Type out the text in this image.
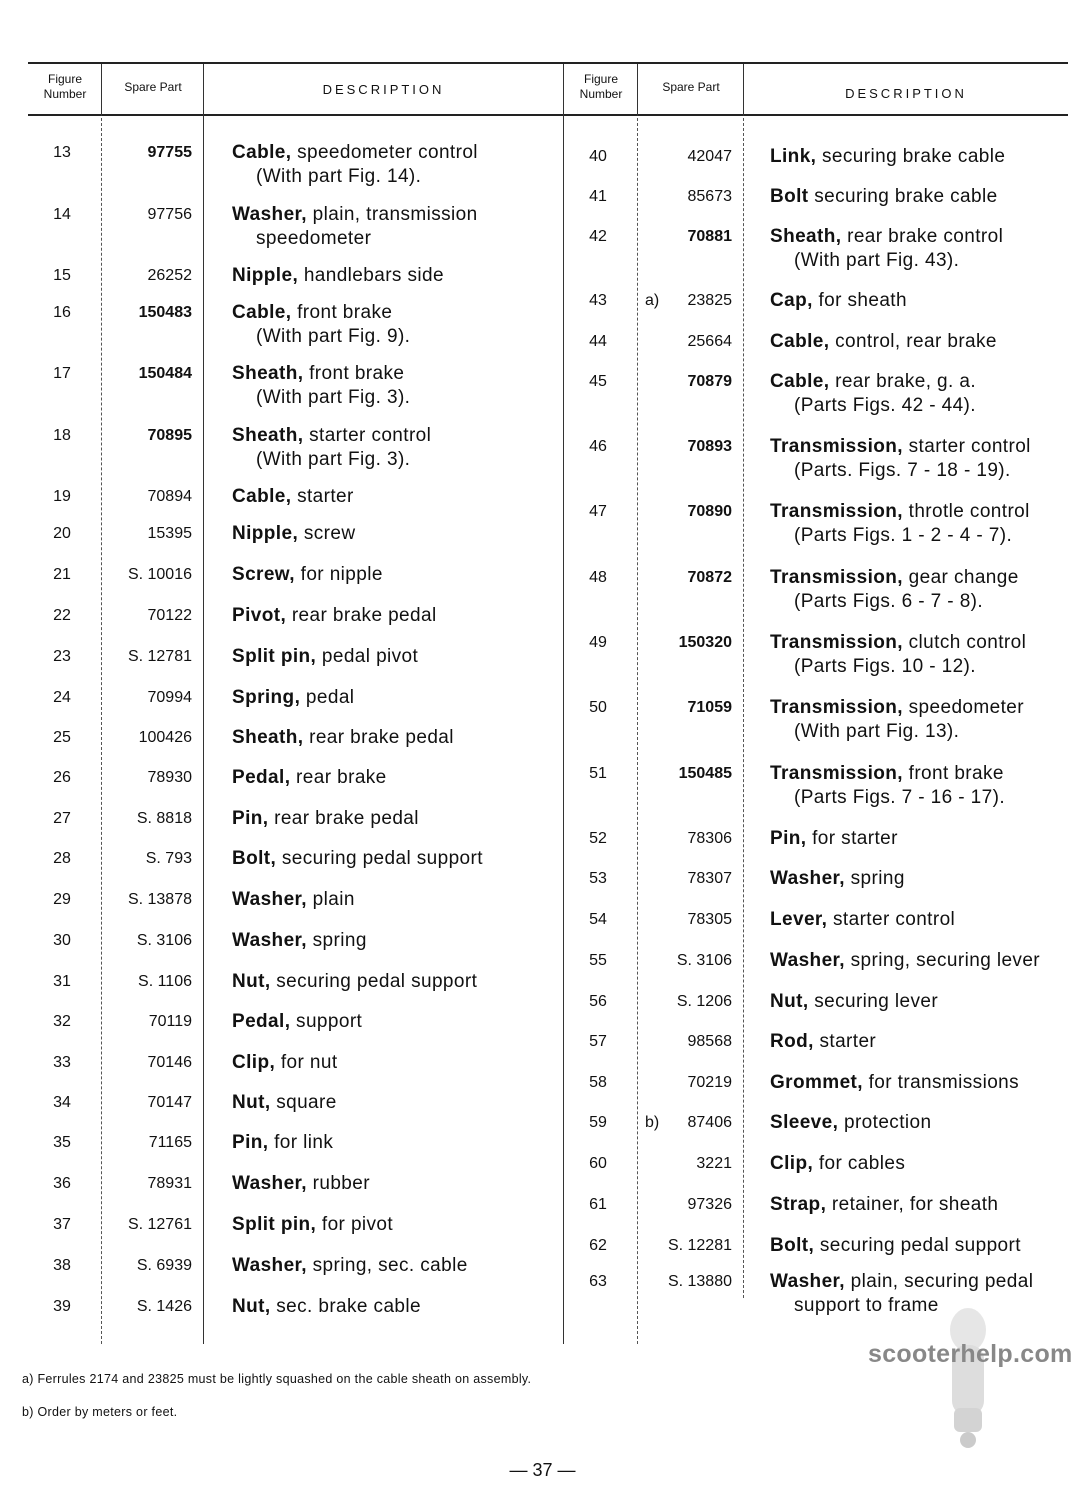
Figure
Number	Spare Part	DESCRIPTION
Figure
Number	Spare Part	DESCRIPTION
13	97755 Cable, speedometer control
(With part Fig. 14).
14	97756 Washer, plain, transmission
speedometer
15	26252 Nipple, handlebars side
16	150483 Cable, front brake
(With part Fig. 9).
17	150484 Sheath, front brake
(With part Fig. 3).
18	70895 Sheath, starter control
(With part Fig. 3).
19	70894 Cable, starter
20	15395 Nipple, screw
21	S. 10016 Screw, for nipple
22	70122 Pivot, rear brake pedal
23	S. 12781 Split pin, pedal pivot
24	70994 Spring, pedal
25	100426 Sheath, rear brake pedal
26	78930 Pedal, rear brake
27	S. 8818 Pin, rear brake pedal
28	S. 793 Bolt, securing pedal support
29	S. 13878 Washer, plain
30	S. 3106 Washer, spring
31	S. 1106 Nut, securing pedal support
32	70119 Pedal, support
33	70146 Clip, for nut
34	70147 Nut, square
35	71165 Pin, for link
36	78931 Washer, rubber
37	S. 12761 Split pin, for pivot
38	S. 6939 Washer, spring, sec. cable
39	S. 1426 Nut, sec. brake cable
40	42047 Link, securing brake cable
41	85673 Bolt securing brake cable
42	70881 Sheath, rear brake control
(With part Fig. 43).
43	a)	23825 Cap, for sheath
44	25664 Cable, control, rear brake
45	70879 Cable, rear brake, g. a.
(Parts Figs. 42 - 44).
46	70893 Transmission, starter control
(Parts. Figs. 7 - 18 - 19).
47	70890 Transmission, throtle control
(Parts Figs. 1 - 2 - 4 - 7).
48	70872 Transmission, gear change
(Parts Figs. 6 - 7 - 8).
49	150320 Transmission, clutch control
(Parts Figs. 10 - 12).
50	71059 Transmission, speedometer
(With part Fig. 13).
51	150485 Transmission, front brake
(Parts Figs. 7 - 16 - 17).
52	78306 Pin, for starter
53	78307 Washer, spring
54	78305 Lever, starter control
55	S. 3106 Washer, spring, securing lever
56	S. 1206 Nut, securing lever
57	98568 Rod, starter
58	70219 Grommet, for transmissions
59	b)	87406 Sleeve, protection
60	3221 Clip, for cables
61	97326 Strap, retainer, for sheath
62	S. 12281 Bolt, securing pedal support
63	S. 13880 Washer, plain, securing pedal
support to frame
a) Ferrules 2174 and 23825 must be lightly squashed on the cable sheath on assembly.
b) Order by meters or feet.
scooterhelp.com
— 37 —
